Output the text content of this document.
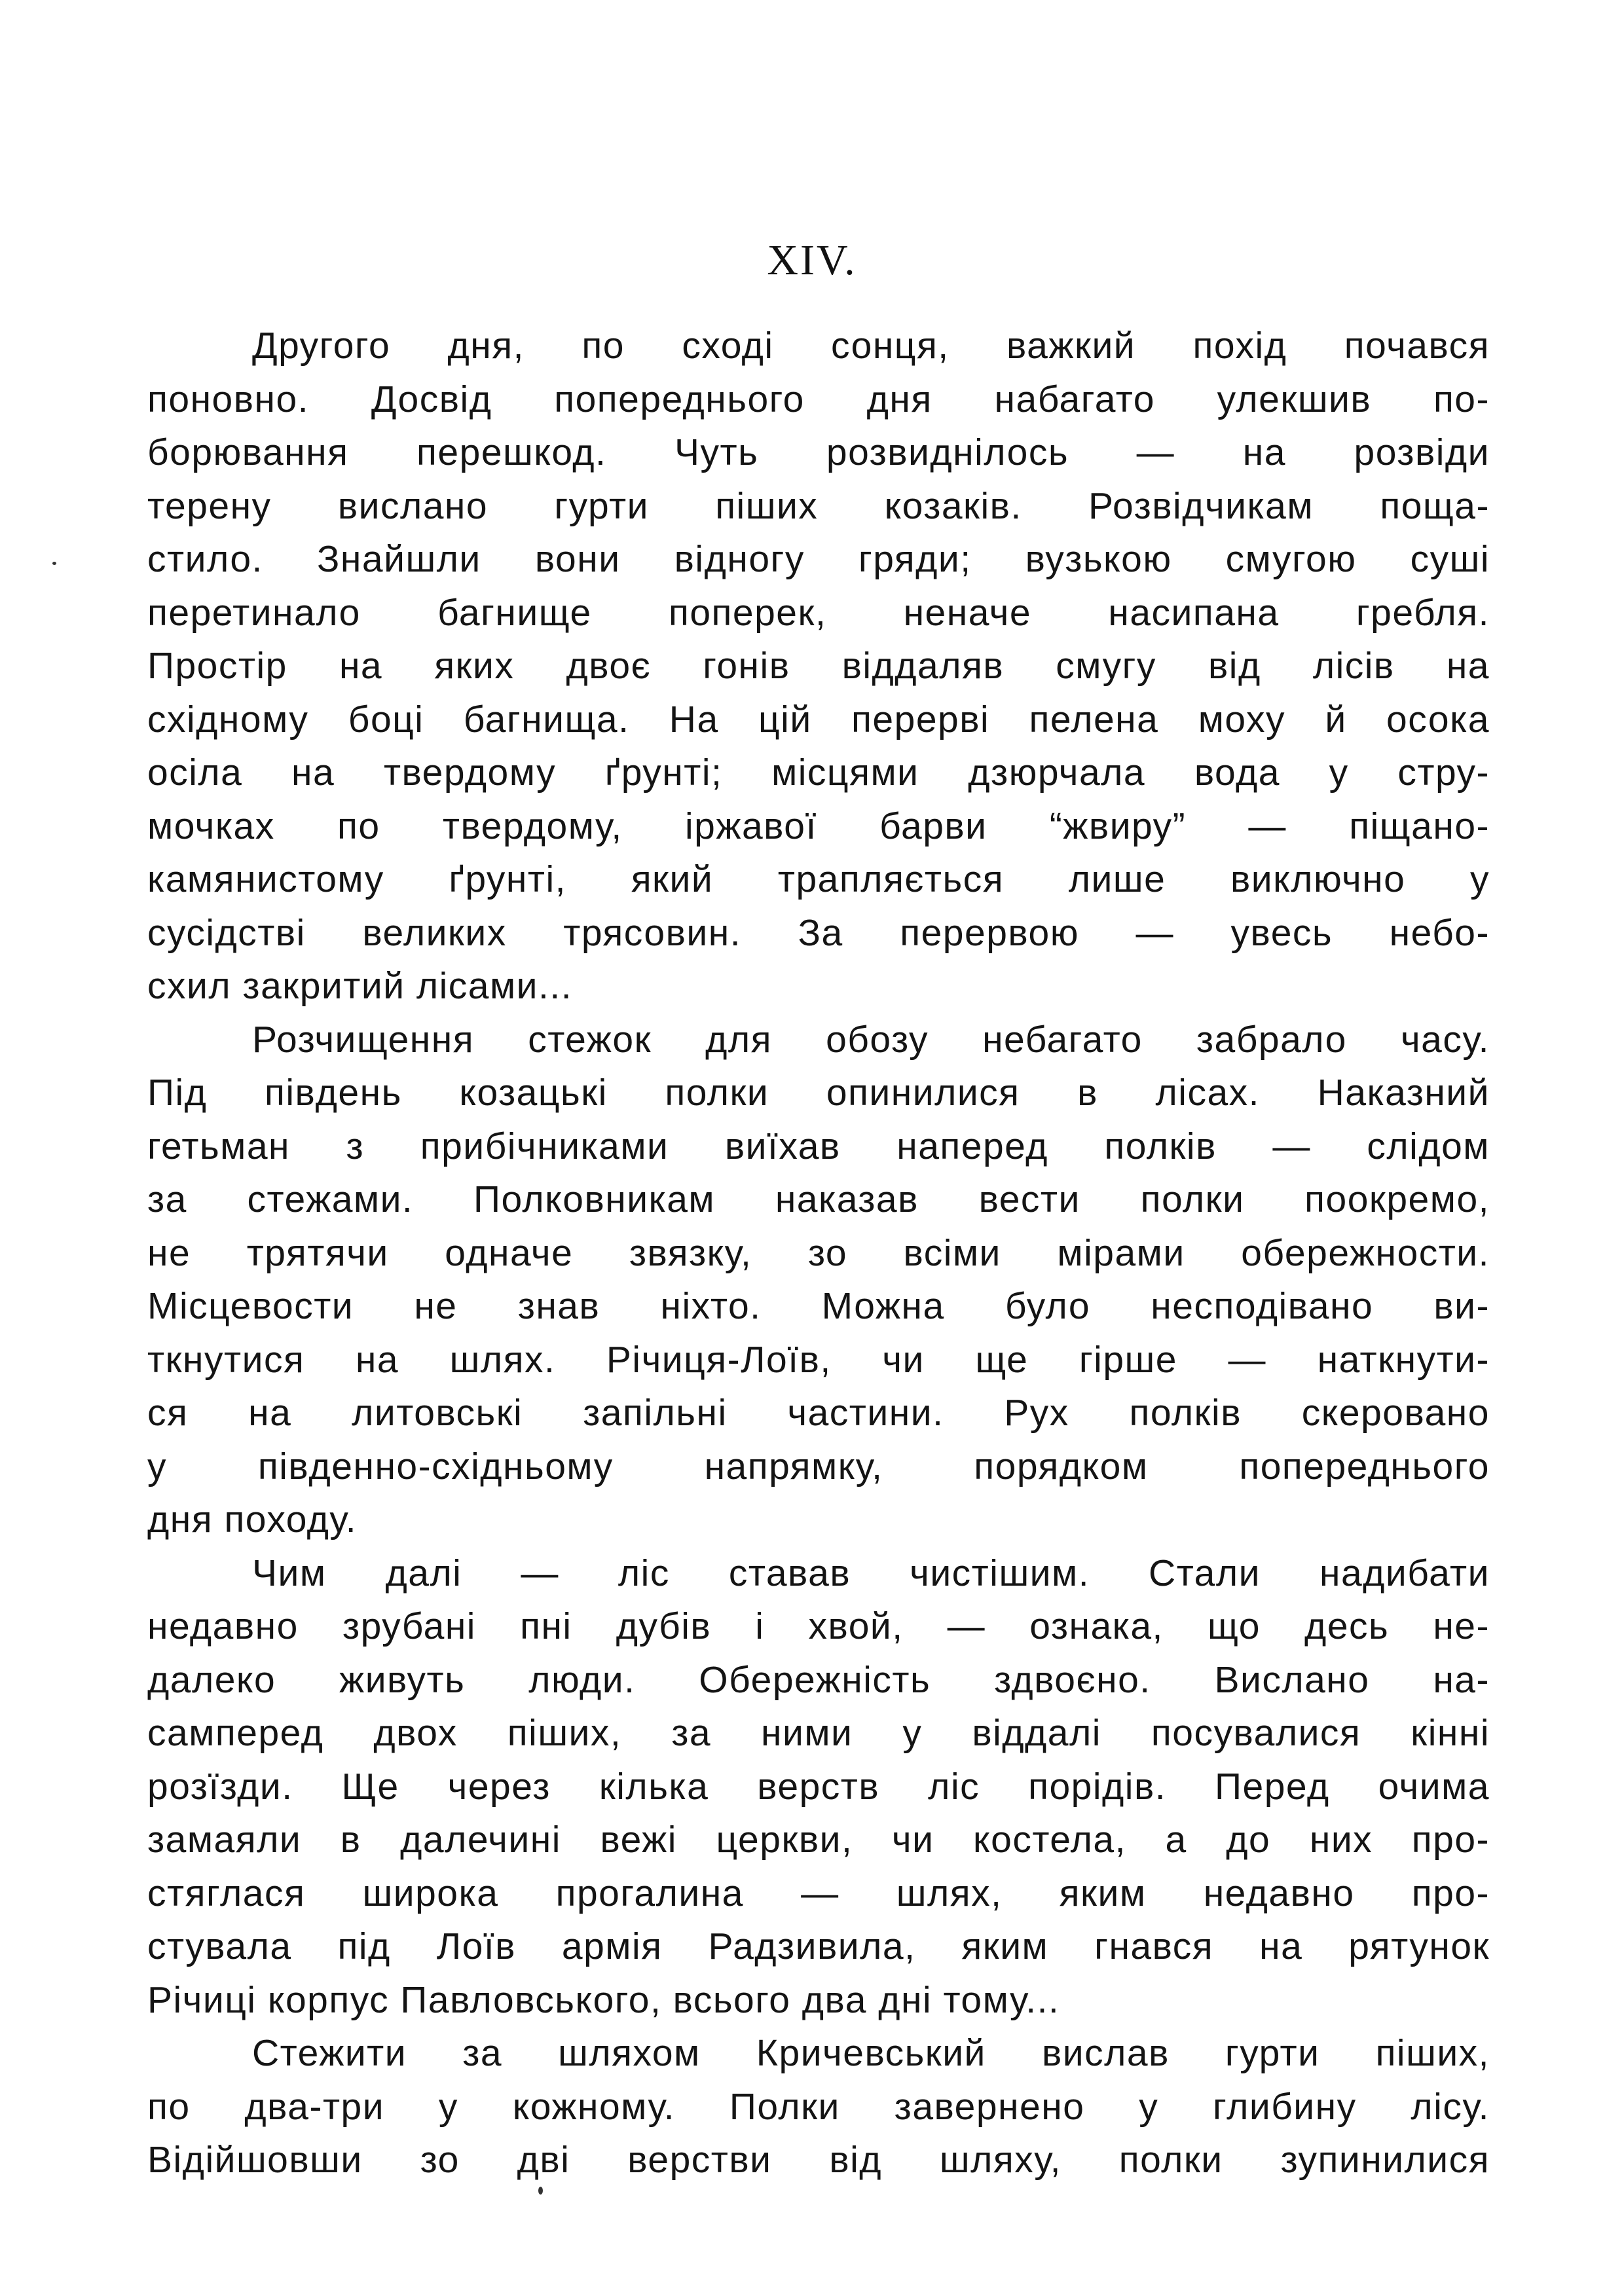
XIV.
Другого дня, по сході сонця, важкий похід почався
поновно. Досвід попереднього дня набагато улекшив по-
борювання перешкод. Чуть розвиднілось — на розвіди
терену вислано гурти піших козаків. Розвідчикам поща-
стило. Знайшли вони відногу гряди; вузькою смугою суші
перетинало багнище поперек, неначе насипана гребля.
Простір на яких двоє гонів віддаляв смугу від лісів на
східному боці багнища. На цій перерві пелена моху й осока
осіла на твердому ґрунті; місцями дзюрчала вода у стру-
мочках по твердому, іржавої барви “жвиру” — піщано-
камянистому ґрунті, який трапляється лише виключно у
сусідстві великих трясовин. За перервою — увесь небо-
схил закритий лісами...
Розчищення стежок для обозу небагато забрало часу.
Під південь козацькі полки опинилися в лісах. Наказний
гетьман з прибічниками виїхав наперед полків — слідом
за стежами. Полковникам наказав вести полки поокремо,
не трятячи одначе звязку, зо всіми мірами обережности.
Місцевости не знав ніхто. Можна було несподівано ви-
ткнутися на шлях. Річиця-Лоїв, чи ще гірше — наткнути-
ся на литовські запільні частини. Рух полків скеровано
у південно-східньому напрямку, порядком попереднього
дня походу.
Чим далі — ліс ставав чистішим. Стали надибати
недавно зрубані пні дубів і хвой, — ознака, що десь не-
далеко живуть люди. Обережність здвоєно. Вислано на-
самперед двох піших, за ними у віддалі посувалися кінні
розїзди. Ще через кілька верств ліс порідів. Перед очима
замаяли в далечині вежі церкви, чи костела, а до них про-
стяглася широка прогалина — шлях, яким недавно про-
стувала під Лоїв армія Радзивила, яким гнався на рятунок
Річиці корпус Павловського, всього два дні тому...
Стежити за шляхом Кричевський вислав гурти піших,
по два-три у кожному. Полки завернено у глибину лісу.
Відійшовши зо дві верстви від шляху, полки зупинилися
